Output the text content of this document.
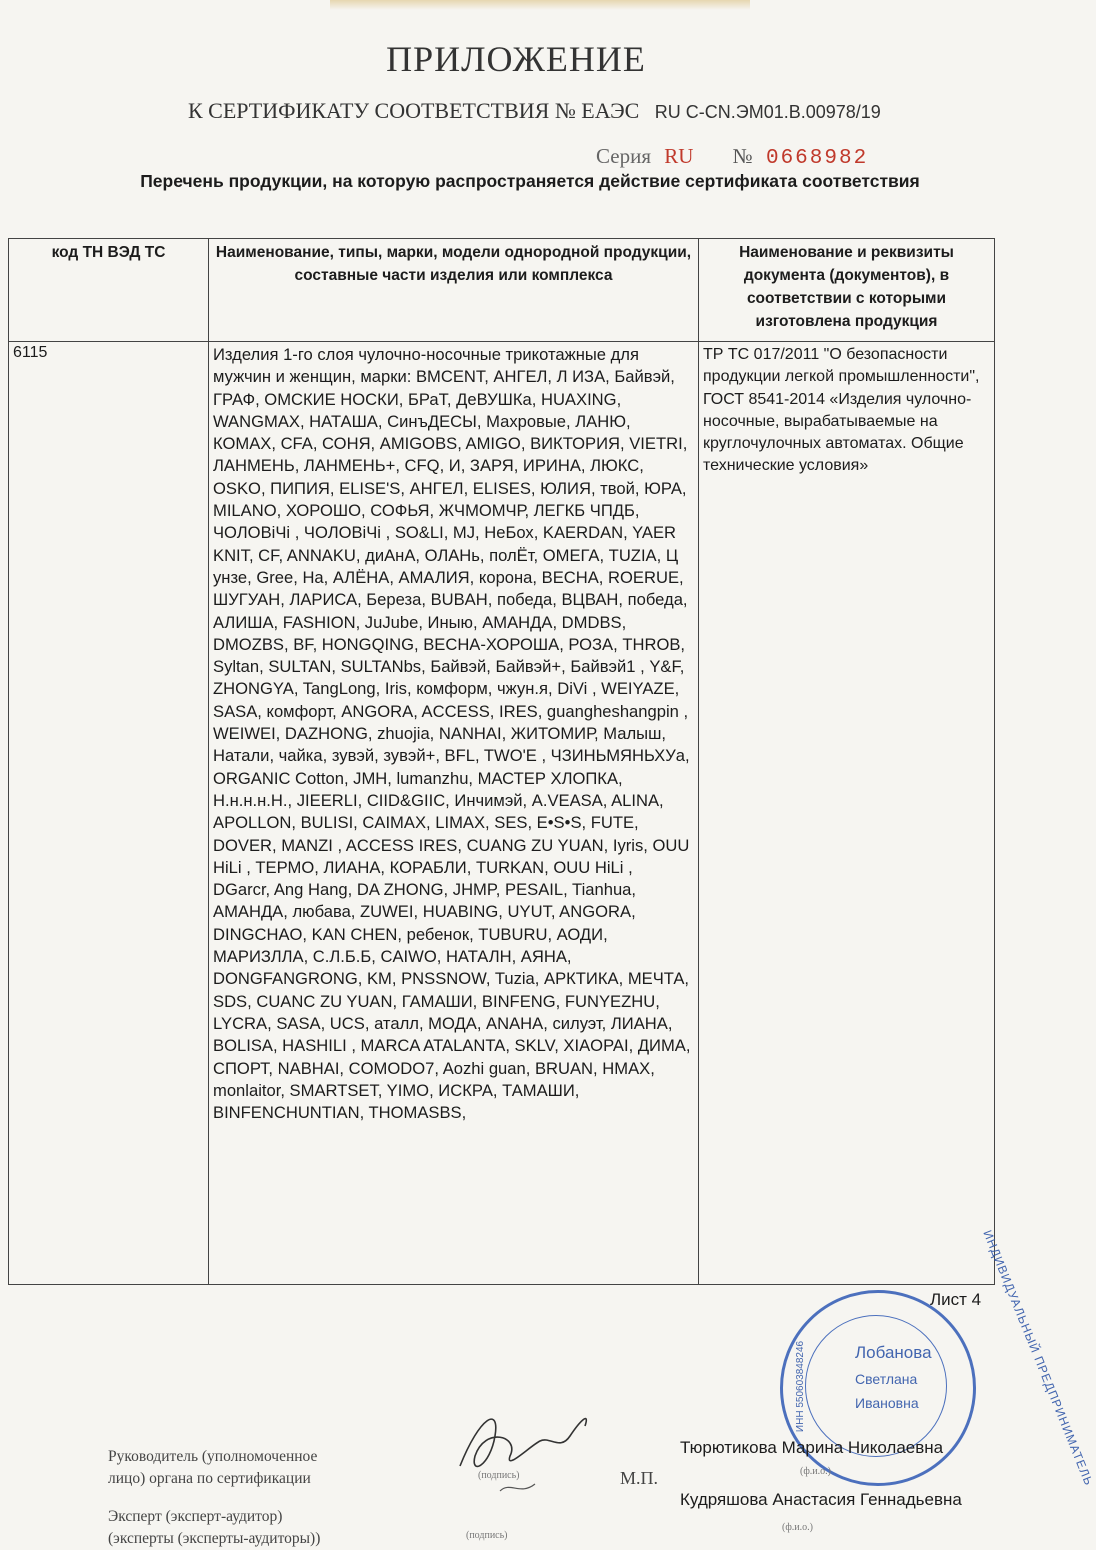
ПРИЛОЖЕНИЕ
К СЕРТИФИКАТУ СООТВЕТСТВИЯ № ЕАЭС RU C-CN.ЭМ01.В.00978/19
Серия RU № 0668982
Перечень продукции, на которую распространяется действие сертификата соответствия
код ТН ВЭД ТС	Наименование, типы, марки, модели однородной продукции, составные части изделия или комплекса	Наименование и реквизиты документа (документов), в соответствии с которыми изготовлена продукция
6115	Изделия 1-го слоя чулочно-носочные трикотажные для мужчин и женщин, марки: BMCENT, АНГЕЛ, Л ИЗА, Байвэй, ГРАФ, ОМСКИЕ НОСКИ, БРаТ, ДеВУШКа, HUAXING, WANGMAX, НАТАША, СинъДЕСЫ, Махровые, ЛАНЮ, КОМАХ, CFA, СОНЯ, AMIGOBS, AMIGO, ВИКТОРИЯ, VIETRI, ЛАНМЕНЬ, ЛАНМЕНЬ+, CFQ, И, ЗАРЯ, ИРИНА, ЛЮКС, OSKO, ПИПИЯ, ELISE'S, АНГЕЛ, ELISES, ЮЛИЯ, твой, ЮРА, MILANO, ХОРОШО, СОФЬЯ, ЖЧМОМЧР, ЛЕГКБ ЧПДБ, ЧОЛОВіЧі , ЧОЛОВіЧі , SO&LI, MJ, НеБох, KAERDAN, YAER KNIT, CF, ANNAKU, диАнА, ОЛАНь, полЁт, ОМЕГА, TUZIA, Ц унзе, Gree, На, АЛЁНА, АМАЛИЯ, корона, ВЕСНА, ROERUE, ШУГУАН, ЛАРИСА, Береза, BUBAH, победа, ВЦВАН, победа, АЛИША, FASHION, JuJube, Иныю, АМАНДА, DMDBS, DMOZBS, BF, HONGQING, ВЕСНА-ХОРОША, РОЗА, THROB, Syltan, SULTAN, SULTANbs, Байвэй, Байвэй+, Байвэй1 , Y&F, ZHONGYA, TangLong, Iris, комформ, чжун.я, DiVi , WEIYAZE, SASA, комфорт, ANGORA, ACCESS, IRES, guangheshangpin , WEIWEI, DAZHONG, zhuojia, NANHAI, ЖИТОМИР, Малыш, Натали, чайка, зувэй, зувэй+, BFL, TWO'E , ЧЗИНЬМЯНЬХУа, ORGANIC Cotton, JMH, lumanzhu, МАСТЕР ХЛОПКА, Н.н.н.н.Н., JIEERLI, CIID&GIIC, Инчимэй, A.VEASA, ALINA, APOLLON, BULISI, CAIMAX, LIMAX, SES, E•S•S, FUTE, DOVER, MANZI , ACCESS IRES, CUANG ZU YUAN, Iyris, OUU HiLi , ТЕРМО, ЛИАНА, КОРАБЛИ, TURKAN, OUU HiLi , DGarcr, Ang Hang, DA ZHONG, JHMP, PESAIL, Tianhua, АМАНДА, любава, ZUWEI, HUABING, UYUT, ANGORA, DINGCHAO, KAN CHEN, ребенок, TUBURU, АОДИ, МАРИЗЛЛА, С.Л.Б.Б, CAIWO, НАТАЛН, АЯНА, DONGFANGRONG, KM, PNSSNOW, Tuzia, АРКТИКА, МЕЧТА, SDS, CUANC ZU YUAN, ГАМАШИ, BINFENG, FUNYEZHU, LYCRA, SASA, UCS, аталл, МОДА, АNАНА, силуэт, ЛИАНА, BOLISA, HASHILI , MARCA ATALANTA, SKLV, XIAOPAI, ДИМА, СПОРТ, NABHAI, COMODO7, Aozhi guan, BRUAN, HMAX, monlaitor, SMARTSET, YIMO, ИСКРА, ТАМАШИ, BINFENCHUNTIAN, THOMASBS,	ТР ТС 017/2011 "О безопасности продукции легкой промышленности", ГОСТ 8541-2014 «Изделия чулочно-носочные, вырабатываемые на круглочулочных автоматах. Общие технические условия»
ИНДИВИДУАЛЬНЫЙ ПРЕДПРИНИМАТЕЛЬ
ИНН 550603848246	Лобанова
Светлана
Ивановна
Лист 4
Руководитель (уполномоченное
лицо) органа по сертификации
Эксперт (эксперт-аудитор)
(эксперты (эксперты-аудиторы))
(подпись)
(подпись)
М.П.
Тюрютикова Марина Николаевна
(ф.и.о.)
Кудряшова Анастасия Геннадьевна
(ф.и.о.)
